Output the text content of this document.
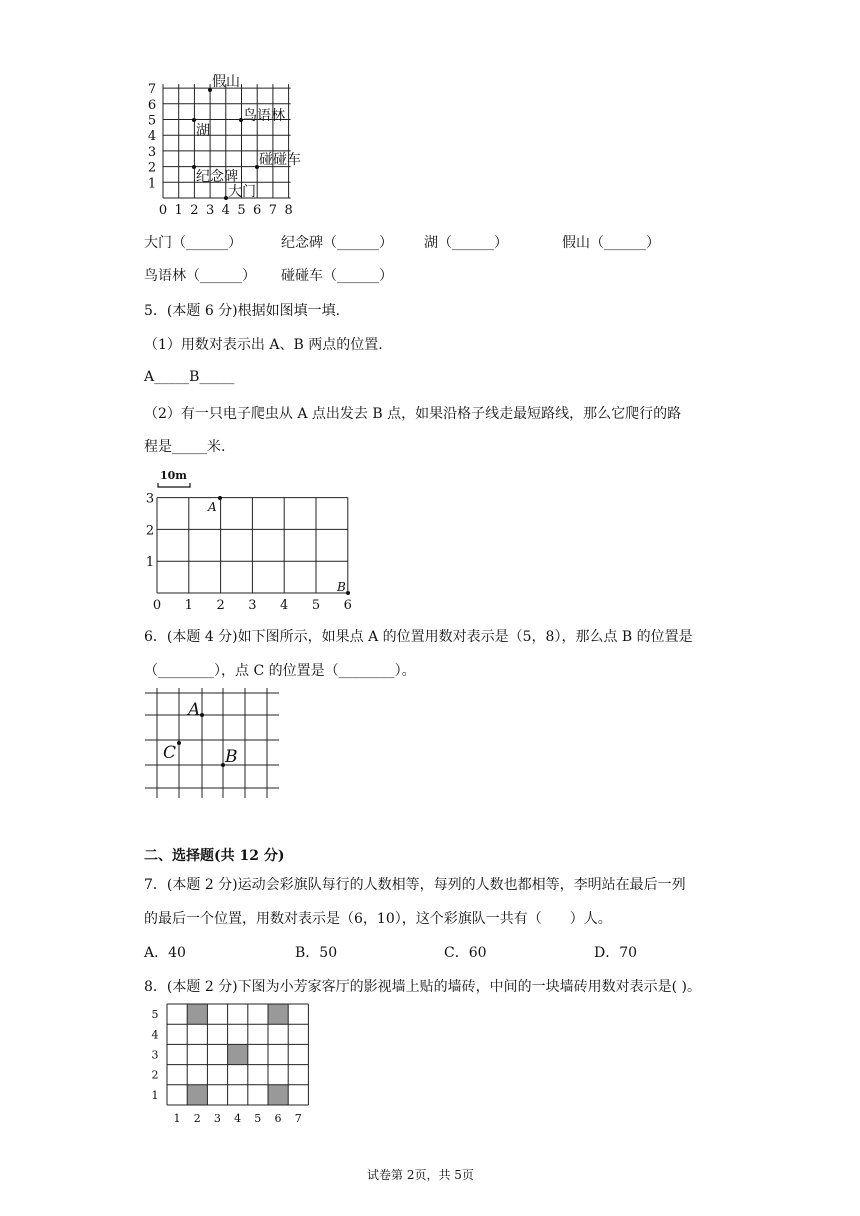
7
6
5
4
3
2
1
0 1 2 3 4 5 6 7 8
假山
鸟语林
湖
碰碰车
纪念碑
大门
大门（______）	纪念碑（______） 湖（______）	假山（______）
鸟语林（______） 碰碰车（______）
5．(本题 6 分)根据如图填一填.
（1）用数对表示出 A、B 两点的位置.
A_____B_____
（2）有一只电子爬虫从 A 点出发去 B 点，如果沿格子线走最短路线，那么它爬行的路
程是_____米.
10m
3
2
1
0 1 2 3 4 5 6
A
B
6．(本题 4 分)如下图所示，如果点 A 的位置用数对表示是（5，8），那么点 B 的位置是
（________），点 C 的位置是（________）。
A
B
C
二、选择题(共 12 分)
7．(本题 2 分)运动会彩旗队每行的人数相等，每列的人数也都相等，李明站在最后一列
的最后一个位置，用数对表示是（6，10），这个彩旗队一共有（　　）人。
A．40	B．50	C．60	D．70
8．(本题 2 分)下图为小芳家客厅的影视墙上贴的墙砖，中间的一块墙砖用数对表示是( )。
5
4
3
2
1
1 2 3 4 5 6 7
试卷第 2页，共 5页
